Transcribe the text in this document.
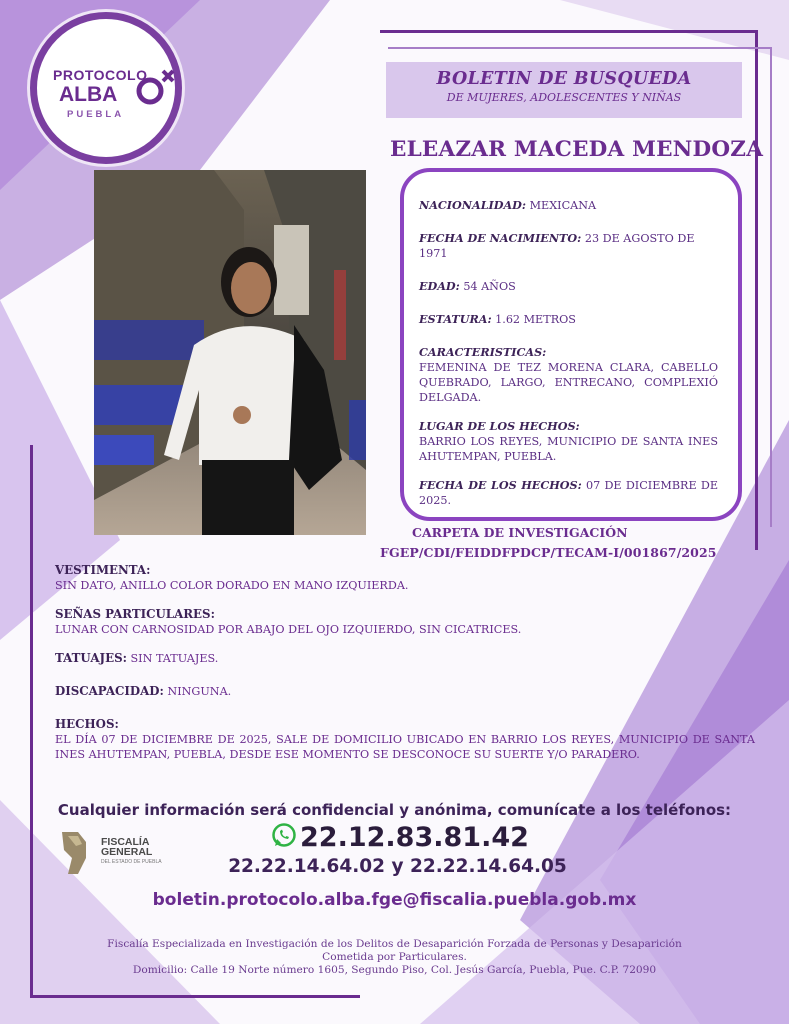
PROTOCOLO
ALBA
PUEBLA
BOLETIN DE BUSQUEDA
DE MUJERES, ADOLESCENTES Y NIÑAS
ELEAZAR MACEDA MENDOZA

NACIONALIDAD: MEXICANA

FECHA DE NACIMIENTO: 23 DE AGOSTO DE 1971

EDAD: 54 AÑOS

ESTATURA: 1.62 METROS

CARACTERISTICAS:
FEMENINA DE TEZ MORENA CLARA, CABELLO QUEBRADO, LARGO, ENTRECANO, COMPLEXIÓ DELGADA.

LUGAR DE LOS HECHOS:
BARRIO LOS REYES, MUNICIPIO DE SANTA INES AHUTEMPAN, PUEBLA.

FECHA DE LOS HECHOS: 07 DE DICIEMBRE DE 2025.

CARPETA DE INVESTIGACIÓN
FGEP/CDI/FEIDDFPDCP/TECAM-I/001867/2025
VESTIMENTA:
SIN DATO, ANILLO COLOR DORADO EN MANO IZQUIERDA.
SEÑAS PARTICULARES:
LUNAR CON CARNOSIDAD POR ABAJO DEL OJO IZQUIERDO, SIN CICATRICES.
TATUAJES: SIN TATUAJES.
DISCAPACIDAD: NINGUNA.
HECHOS:
EL DÍA 07 DE DICIEMBRE DE 2025, SALE DE DOMICILIO UBICADO EN BARRIO LOS REYES, MUNICIPIO DE SANTA INES AHUTEMPAN, PUEBLA, DESDE ESE MOMENTO SE DESCONOCE SU SUERTE Y/O PARADERO.
Cualquier información será confidencial y anónima, comunícate a los teléfonos:
22.12.83.81.42
22.22.14.64.02 y 22.22.14.64.05
boletin.protocolo.alba.fge@fiscalia.puebla.gob.mx
FISCALÍA
GENERAL
DEL ESTADO DE PUEBLA
Fiscalía Especializada en Investigación de los Delitos de Desaparición Forzada de Personas y Desaparición
Cometida por Particulares.
Domicilio: Calle 19 Norte número 1605, Segundo Piso, Col. Jesús García, Puebla, Pue. C.P. 72090
